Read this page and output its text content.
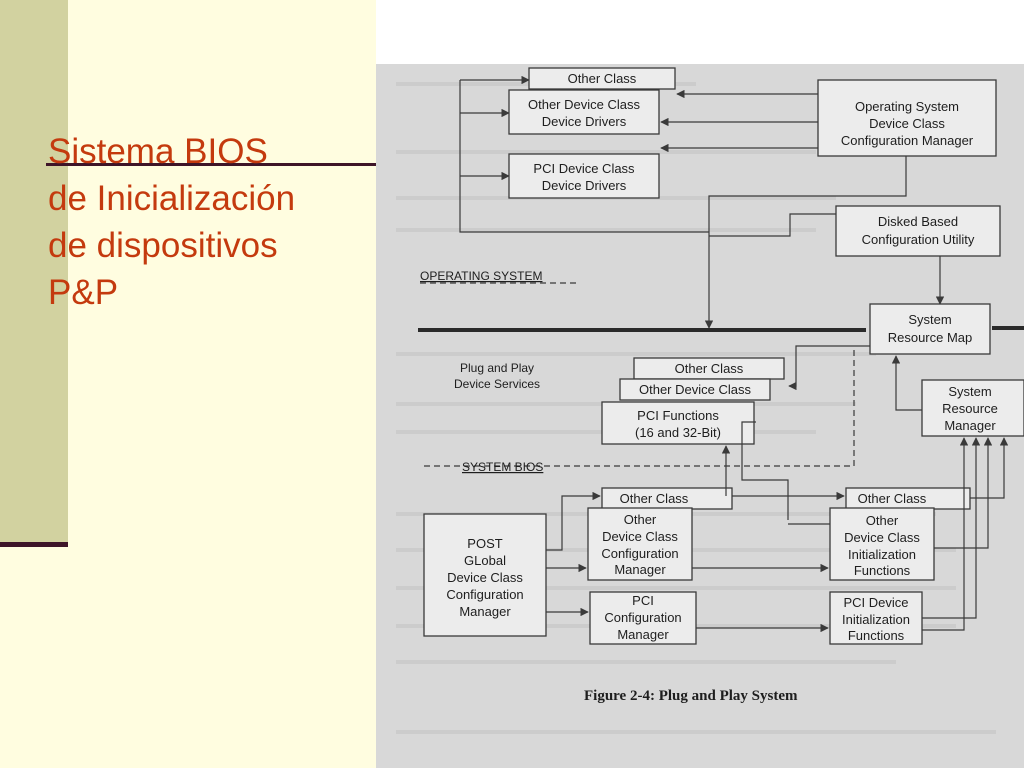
Sistema BIOS
de Inicialización
de dispositivos
P&P
Other Class
Other Device Class
Device Drivers
PCI Device Class
Device Drivers
Operating System
Device Class
Configuration Manager
Disked Based
Configuration Utility
OPERATING SYSTEM
System
Resource Map
System
Resource
Manager
Plug and Play
Device Services
Other Class
Other Device Class
PCI Functions
(16 and 32-Bit)
SYSTEM BIOS
POST
GLobal
Device Class
Configuration
Manager
Other Class
Other
Device Class
Configuration
Manager
PCI
Configuration
Manager
Other Class
Other
Device Class
Initialization
Functions
PCI Device
Initialization
Functions
Figure 2-4: Plug and Play System
